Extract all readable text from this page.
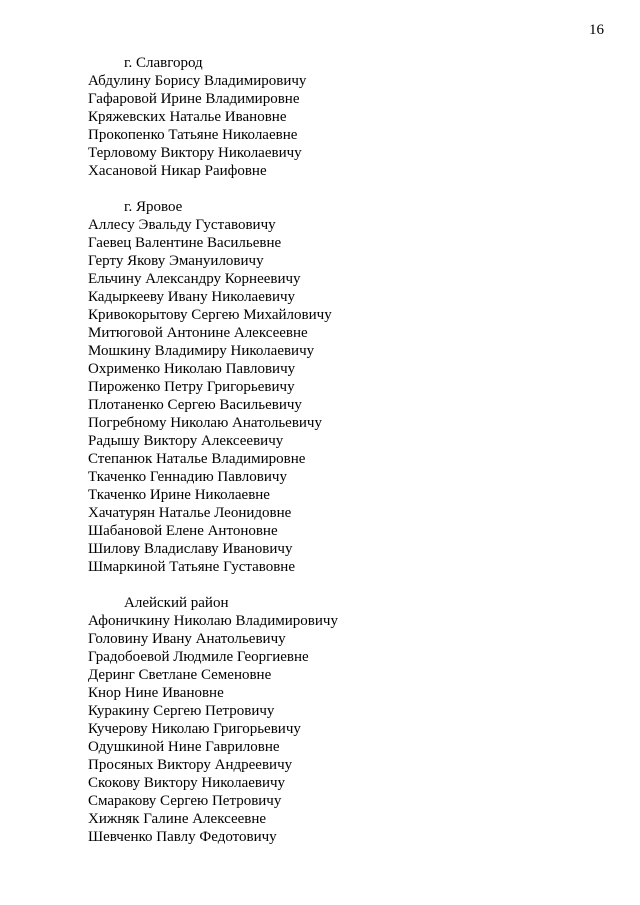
16
г. Славгород
Абдулину Борису Владимировичу
Гафаровой Ирине Владимировне
Кряжевских Наталье Ивановне
Прокопенко Татьяне Николаевне
Терловому Виктору Николаевичу
Хасановой Никар Раифовне
г. Яровое
Аллесу Эвальду Густавовичу
Гаевец Валентине Васильевне
Герту Якову Эмануиловичу
Ельчину Александру Корнеевичу
Кадыркееву Ивану Николаевичу
Кривокорытову Сергею Михайловичу
Митюговой Антонине Алексеевне
Мошкину Владимиру Николаевичу
Охрименко Николаю Павловичу
Пироженко Петру Григорьевичу
Плотаненко Сергею Васильевичу
Погребному Николаю Анатольевичу
Радышу Виктору Алексеевичу
Степанюк Наталье Владимировне
Ткаченко Геннадию Павловичу
Ткаченко Ирине Николаевне
Хачатурян Наталье Леонидовне
Шабановой Елене Антоновне
Шилову Владиславу Ивановичу
Шмаркиной Татьяне Густавовне
Алейский район
Афоничкину Николаю Владимировичу
Головину Ивану Анатольевичу
Градобоевой Людмиле Георгиевне
Деринг Светлане Семеновне
Кнор Нине Ивановне
Куракину Сергею Петровичу
Кучерову Николаю Григорьевичу
Одушкиной Нине Гавриловне
Просяных Виктору Андреевичу
Скокову Виктору Николаевичу
Смаракову Сергею Петровичу
Хижняк Галине Алексеевне
Шевченко Павлу Федотовичу
